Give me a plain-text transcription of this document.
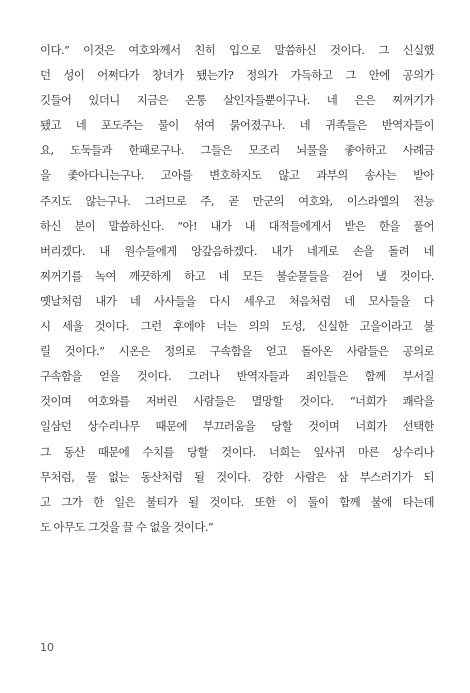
이다.” 이것은 여호와께서 친히 입으로 말씀하신 것이다. 그 신실했
던 성이 어쩌다가 창녀가 됐는가? 정의가 가득하고 그 안에 공의가
깃들어 있더니 지금은 온통 살인자들뿐이구나. 네 은은 찌꺼기가
됐고 네 포도주는 물이 섞여 묽어졌구나. 네 귀족들은 반역자들이
요, 도둑들과 한패로구나. 그들은 모조리 뇌물을 좋아하고 사례금
을 좇아다니는구나. 고아를 변호하지도 않고 과부의 송사는 받아
주지도 않는구나. 그러므로 주, 곧 만군의 여호와, 이스라엘의 전능
하신 분이 말씀하신다. “아! 내가 내 대적들에게서 받은 한을 풀어
버리겠다. 내 원수들에게 앙갚음하겠다. 내가 네게로 손을 돌려 네
찌꺼기를 녹여 깨끗하게 하고 네 모든 불순물들을 걷어 낼 것이다.
옛날처럼 내가 네 사사들을 다시 세우고 처음처럼 네 모사들을 다
시 세울 것이다. 그런 후에야 너는 의의 도성, 신실한 고을이라고 불
릴 것이다.” 시온은 정의로 구속함을 얻고 돌아온 사람들은 공의로
구속함을 얻을 것이다. 그러나 반역자들과 죄인들은 함께 부서질
것이며 여호와를 저버린 사람들은 멸망할 것이다. “너희가 쾌락을
일삼던 상수리나무 때문에 부끄러움을 당할 것이며 너희가 선택한
그 동산 때문에 수치를 당할 것이다. 너희는 잎사귀 마른 상수리나
무처럼, 물 없는 동산처럼 될 것이다. 강한 사람은 삼 부스러기가 되
고 그가 한 일은 불티가 될 것이다. 또한 이 둘이 함께 불에 타는데
도 아무도 그것을 끌 수 없을 것이다.”
10
